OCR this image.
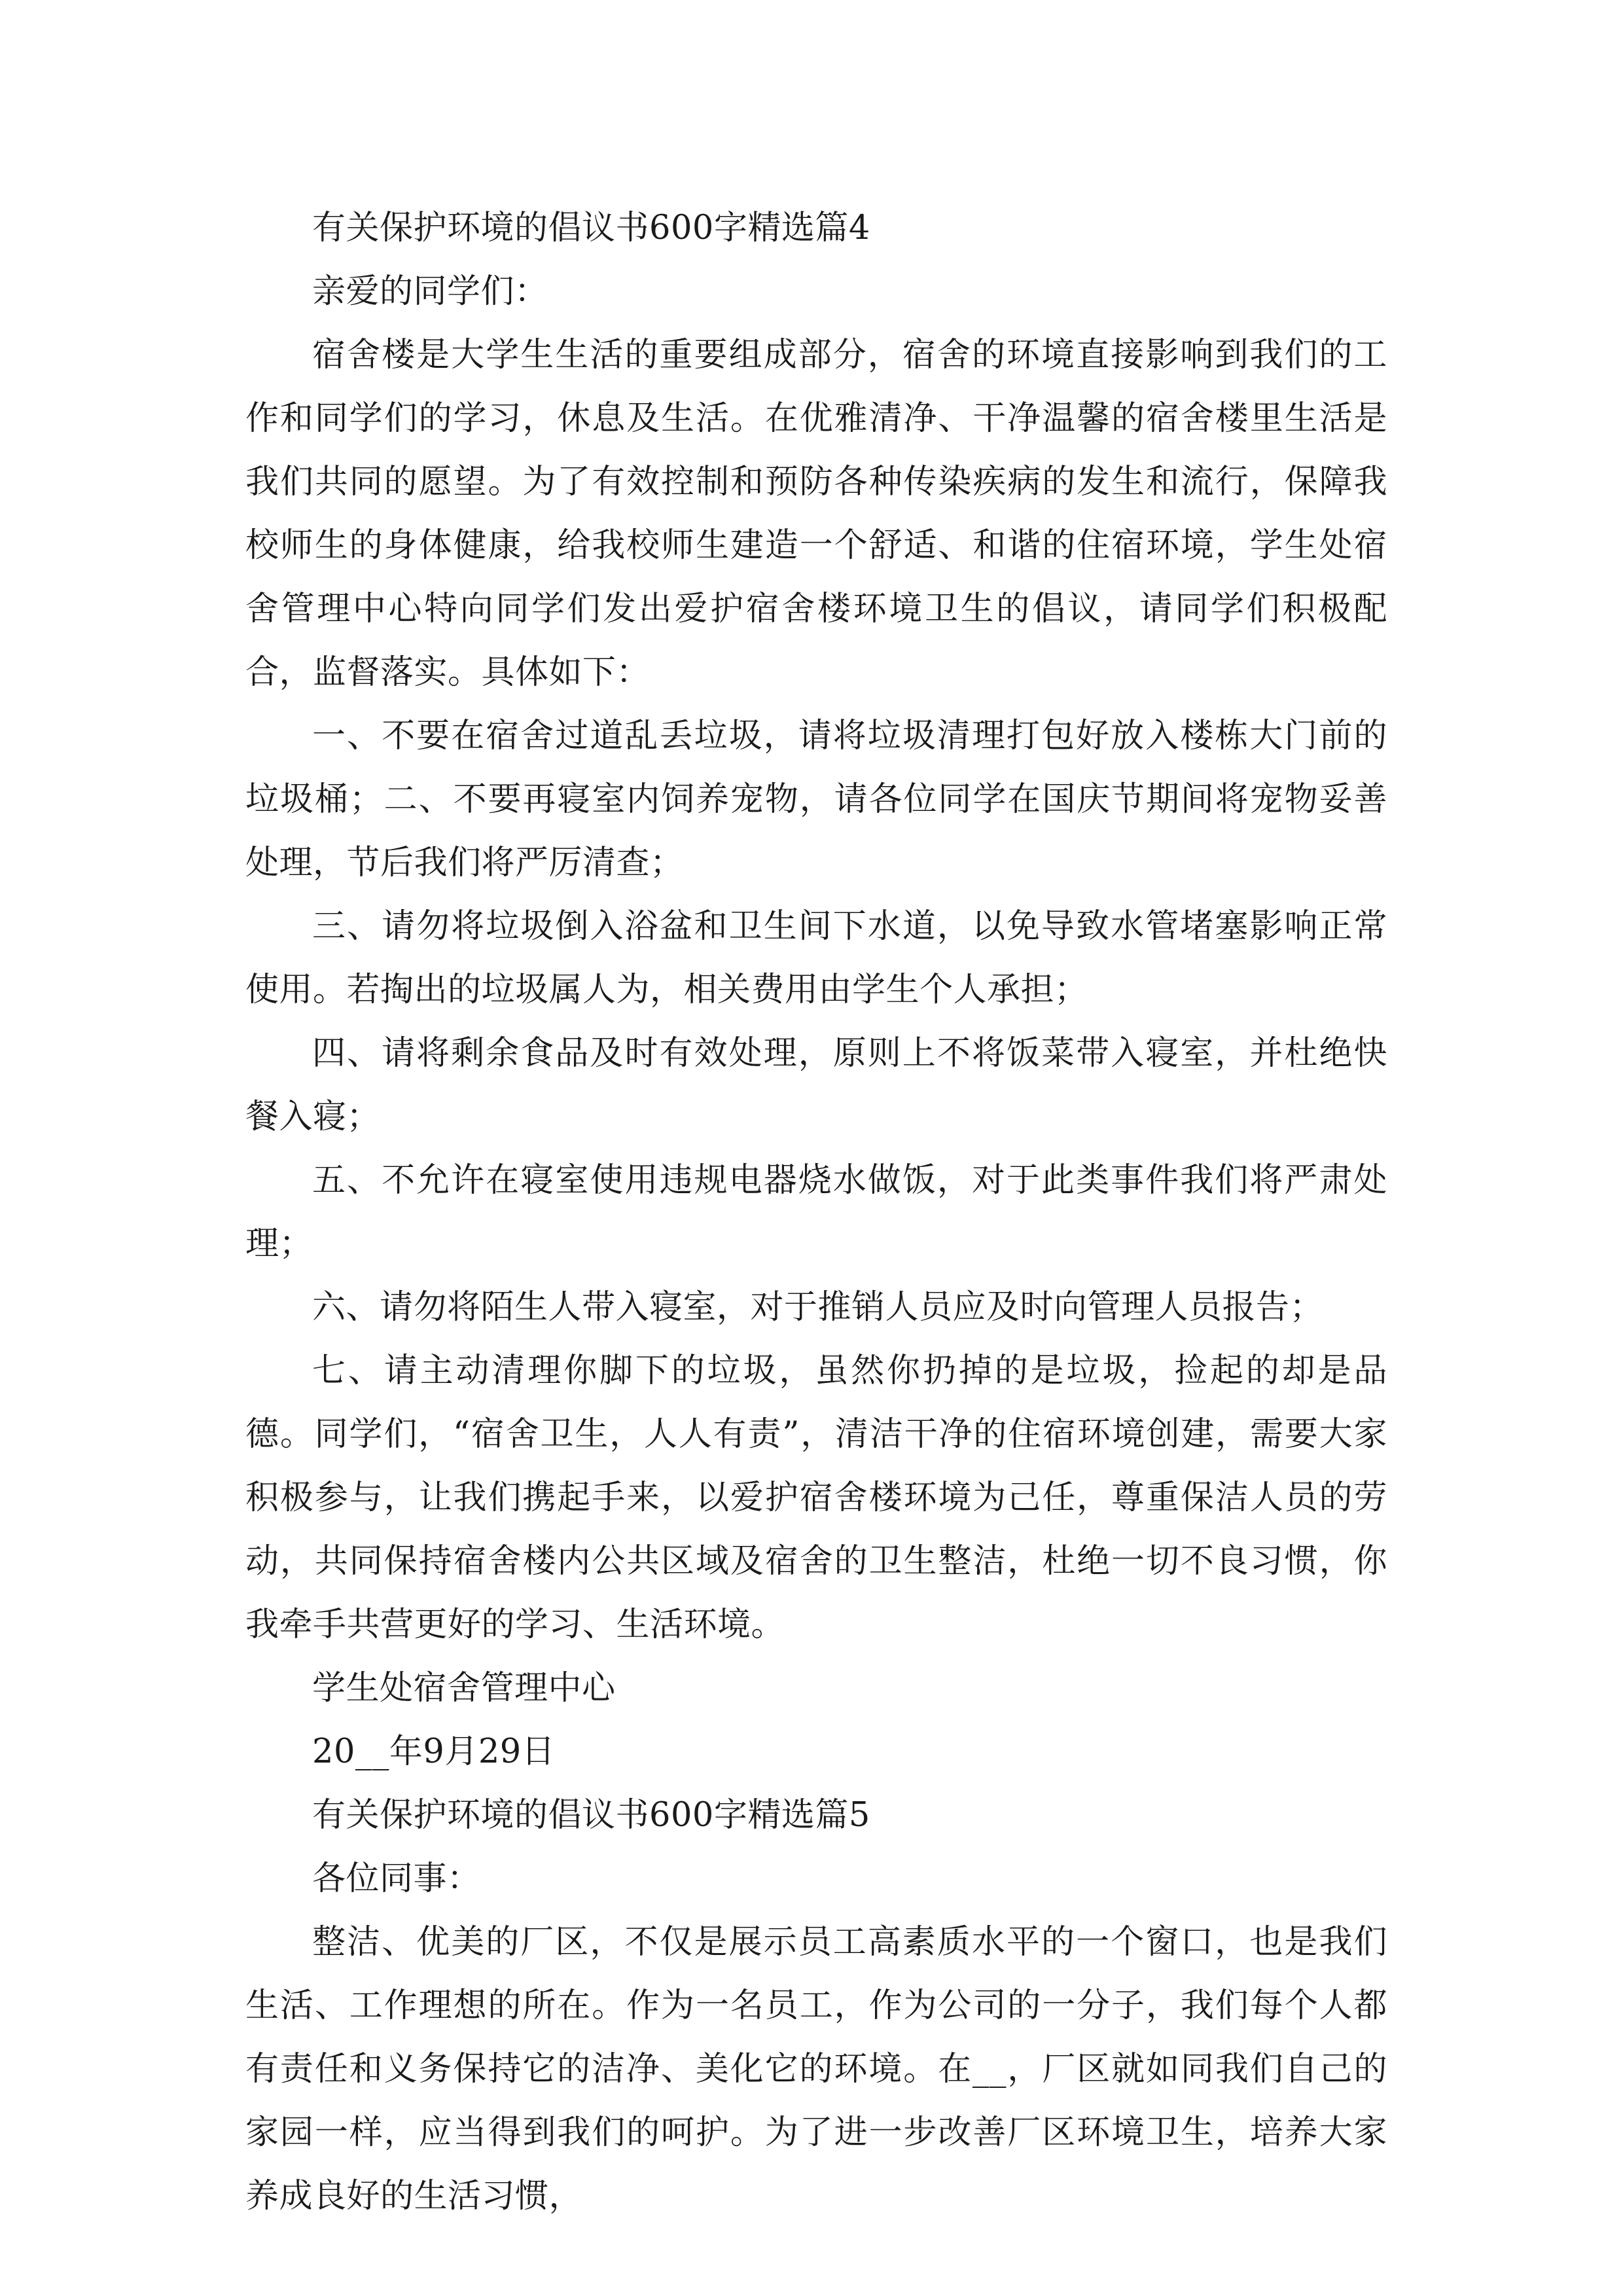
有关保护环境的倡议书600字精选篇4

亲爱的同学们：

宿舍楼是大学生生活的重要组成部分，宿舍的环境直接影响到我们的工作和同学们的学习，休息及生活。在优雅清净、干净温馨的宿舍楼里生活是我们共同的愿望。为了有效控制和预防各种传染疾病的发生和流行，保障我校师生的身体健康，给我校师生建造一个舒适、和谐的住宿环境，学生处宿舍管理中心特向同学们发出爱护宿舍楼环境卫生的倡议，请同学们积极配合，监督落实。具体如下：

一、不要在宿舍过道乱丢垃圾，请将垃圾清理打包好放入楼栋大门前的垃圾桶；二、不要再寝室内饲养宠物，请各位同学在国庆节期间将宠物妥善处理，节后我们将严厉清查；

三、请勿将垃圾倒入浴盆和卫生间下水道，以免导致水管堵塞影响正常使用。若掏出的垃圾属人为，相关费用由学生个人承担；

四、请将剩余食品及时有效处理，原则上不将饭菜带入寝室，并杜绝快餐入寝；

五、不允许在寝室使用违规电器烧水做饭，对于此类事件我们将严肃处理；

六、请勿将陌生人带入寝室，对于推销人员应及时向管理人员报告；

七、请主动清理你脚下的垃圾，虽然你扔掉的是垃圾，捡起的却是品德。同学们，“宿舍卫生，人人有责”，清洁干净的住宿环境创建，需要大家积极参与，让我们携起手来，以爱护宿舍楼环境为己任，尊重保洁人员的劳动，共同保持宿舍楼内公共区域及宿舍的卫生整洁，杜绝一切不良习惯，你我牵手共营更好的学习、生活环境。

学生处宿舍管理中心

20__年9月29日

有关保护环境的倡议书600字精选篇5

各位同事：

整洁、优美的厂区，不仅是展示员工高素质水平的一个窗口，也是我们生活、工作理想的所在。作为一名员工，作为公司的一分子，我们每个人都有责任和义务保持它的洁净、美化它的环境。在__，厂区就如同我们自己的家园一样，应当得到我们的呵护。为了进一步改善厂区环境卫生，培养大家养成良好的生活习惯，
